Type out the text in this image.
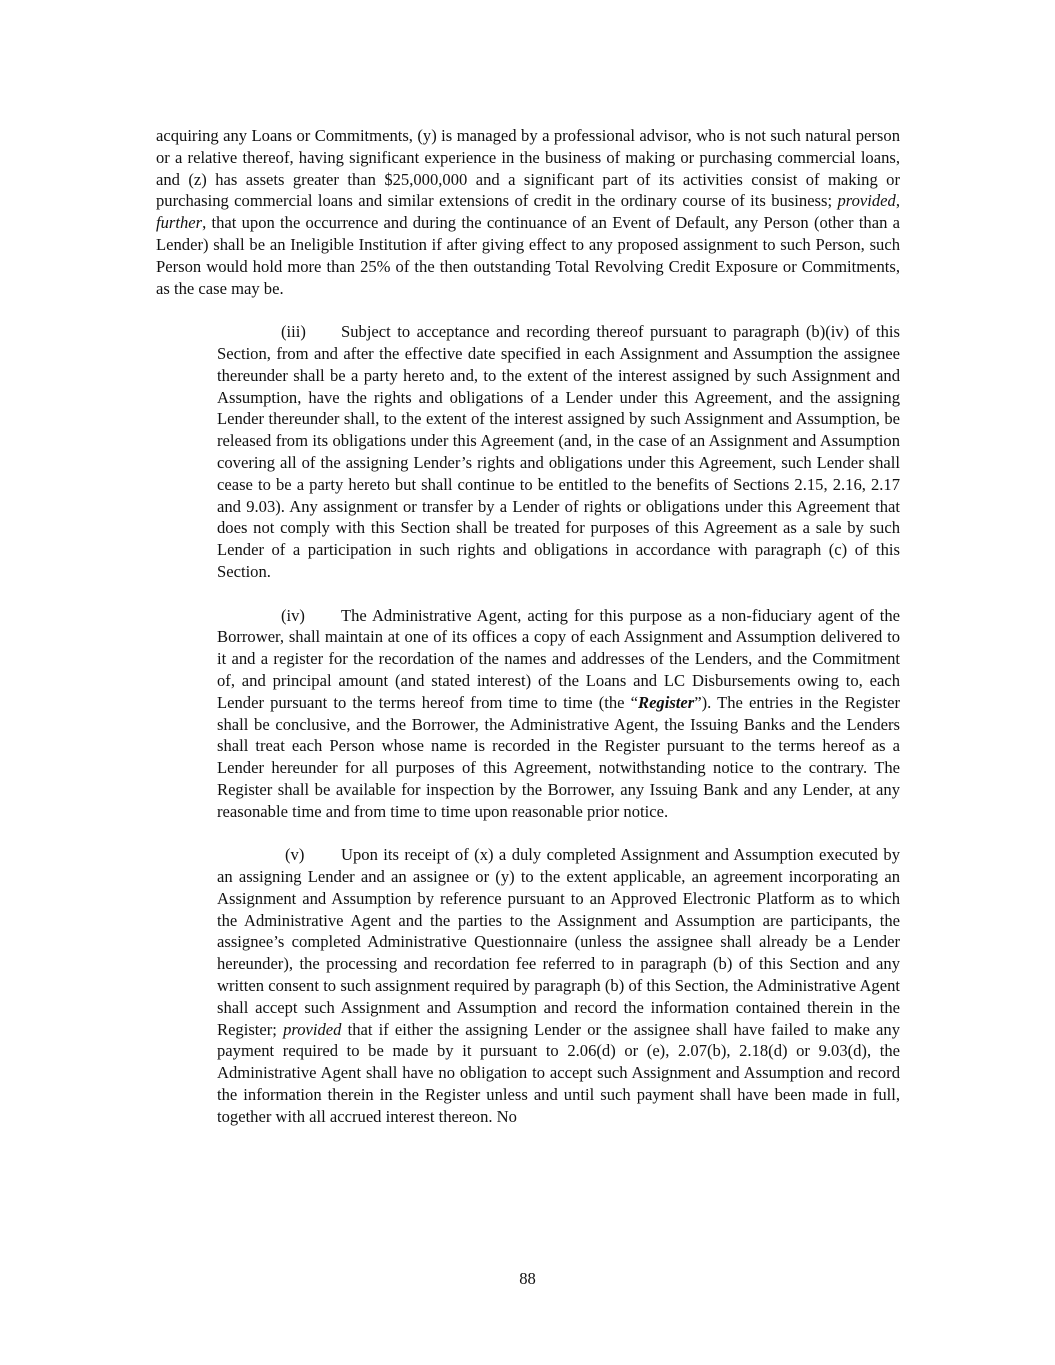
acquiring any Loans or Commitments, (y) is managed by a professional advisor, who is not such natural person or a relative thereof, having significant experience in the business of making or purchasing commercial loans, and (z) has assets greater than $25,000,000 and a significant part of its activities consist of making or purchasing commercial loans and similar extensions of credit in the ordinary course of its business; provided, further, that upon the occurrence and during the continuance of an Event of Default, any Person (other than a Lender) shall be an Ineligible Institution if after giving effect to any proposed assignment to such Person, such Person would hold more than 25% of the then outstanding Total Revolving Credit Exposure or Commitments, as the case may be.

(iii) Subject to acceptance and recording thereof pursuant to paragraph (b)(iv) of this Section, from and after the effective date specified in each Assignment and Assumption the assignee thereunder shall be a party hereto and, to the extent of the interest assigned by such Assignment and Assumption, have the rights and obligations of a Lender under this Agreement, and the assigning Lender thereunder shall, to the extent of the interest assigned by such Assignment and Assumption, be released from its obligations under this Agreement (and, in the case of an Assignment and Assumption covering all of the assigning Lender’s rights and obligations under this Agreement, such Lender shall cease to be a party hereto but shall continue to be entitled to the benefits of Sections 2.15, 2.16, 2.17 and 9.03). Any assignment or transfer by a Lender of rights or obligations under this Agreement that does not comply with this Section shall be treated for purposes of this Agreement as a sale by such Lender of a participation in such rights and obligations in accordance with paragraph (c) of this Section.

(iv) The Administrative Agent, acting for this purpose as a non-fiduciary agent of the Borrower, shall maintain at one of its offices a copy of each Assignment and Assumption delivered to it and a register for the recordation of the names and addresses of the Lenders, and the Commitment of, and principal amount (and stated interest) of the Loans and LC Disbursements owing to, each Lender pursuant to the terms hereof from time to time (the “Register”). The entries in the Register shall be conclusive, and the Borrower, the Administrative Agent, the Issuing Banks and the Lenders shall treat each Person whose name is recorded in the Register pursuant to the terms hereof as a Lender hereunder for all purposes of this Agreement, notwithstanding notice to the contrary. The Register shall be available for inspection by the Borrower, any Issuing Bank and any Lender, at any reasonable time and from time to time upon reasonable prior notice.

(v) Upon its receipt of (x) a duly completed Assignment and Assumption executed by an assigning Lender and an assignee or (y) to the extent applicable, an agreement incorporating an Assignment and Assumption by reference pursuant to an Approved Electronic Platform as to which the Administrative Agent and the parties to the Assignment and Assumption are participants, the assignee’s completed Administrative Questionnaire (unless the assignee shall already be a Lender hereunder), the processing and recordation fee referred to in paragraph (b) of this Section and any written consent to such assignment required by paragraph (b) of this Section, the Administrative Agent shall accept such Assignment and Assumption and record the information contained therein in the Register; provided that if either the assigning Lender or the assignee shall have failed to make any payment required to be made by it pursuant to 2.06(d) or (e), 2.07(b), 2.18(d) or 9.03(d), the Administrative Agent shall have no obligation to accept such Assignment and Assumption and record the information therein in the Register unless and until such payment shall have been made in full, together with all accrued interest thereon. No

88
